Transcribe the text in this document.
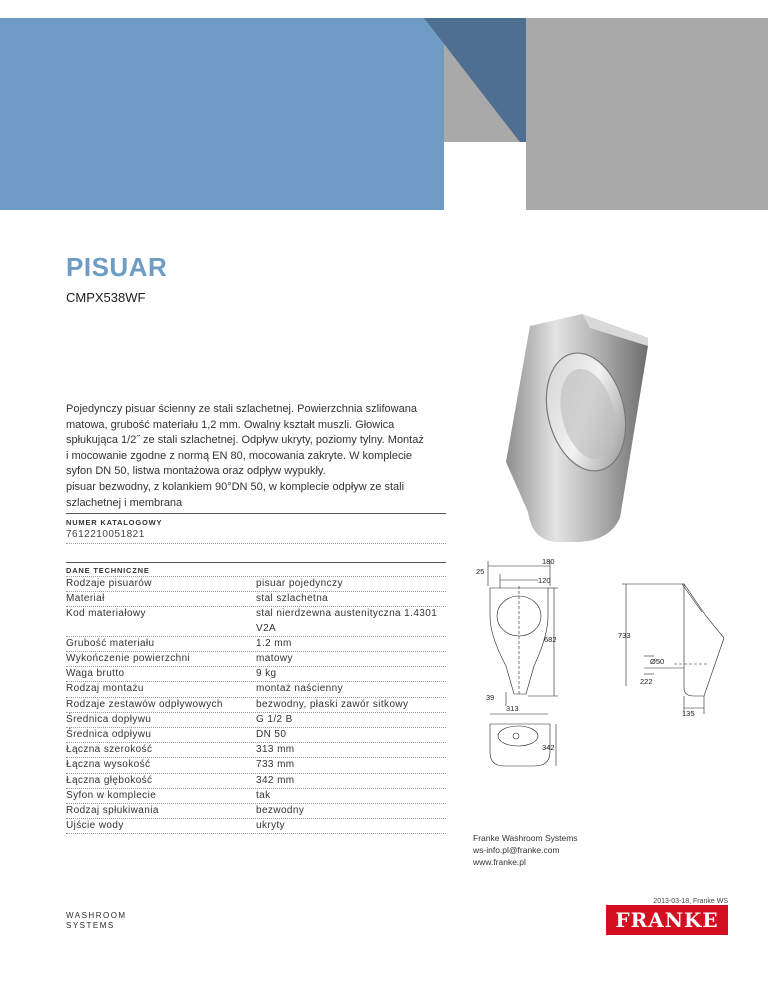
PISUAR
CMPX538WF
Pojedynczy pisuar ścienny ze stali szlachetnej. Powierzchnia szlifowana
matowa, grubość materiału 1,2 mm. Owalny kształt muszli. Głowica
spłukująca 1/2˝ ze stali szlachetnej. Odpływ ukryty, poziomy tylny. Montaż
i mocowanie zgodne z normą EN 80, mocowania zakryte. W komplecie
syfon DN 50, listwa montażowa oraz odpływ wypukły.
pisuar bezwodny, z kolankiem 90°DN 50, w komplecie odpływ ze stali
szlachetnej i membrana
NUMER KATALOGOWY
7612210051821
DANE TECHNICZNE
Rodzaje pisuarów	pisuar pojedynczy
Materiał	stal szlachetna
Kod materiałowy	stal nierdzewna austenityczna 1.4301
V2A
Grubość materiału	1.2 mm
Wykończenie powierzchni	matowy
Waga brutto	9 kg
Rodzaj montażu	montaż naścienny
Rodzaje zestawów odpływowych	bezwodny, płaski zawór sitkowy
Średnica dopływu	G 1/2 B
Średnica odpływu	DN 50
Łączna szerokość	313 mm
Łączna wysokość	733 mm
Łączna głębokość	342 mm
Syfon w komplecie	tak
Rodzaj spłukiwania	bezwodny
Ujście wody	ukryty
180
25
120
682	733
Ø50
222
39
313
135
342
Franke Washroom Systems
ws-info.pl@franke.com
www.franke.pl
2013-03-18, Franke WS
WASHROOM
SYSTEMS	FRANKE
